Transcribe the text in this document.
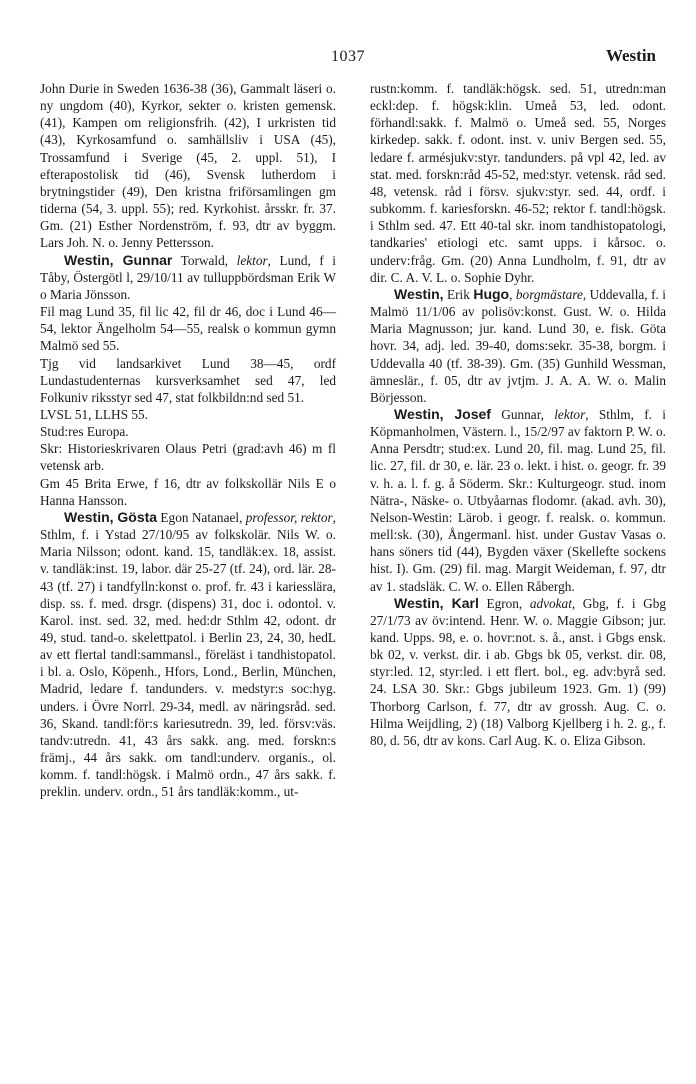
1037	Westin

John Durie in Sweden 1636-38 (36), Gammalt läseri o. ny ungdom (40), Kyrkor, sekter o. kristen gemensk. (41), Kampen om religionsfrih. (42), I urkristen tid (43), Kyrkosamfund o. samhällsliv i USA (45), Trossamfund i Sverige (45, 2. uppl. 51), I efterapostolisk tid (46), Svensk lutherdom i brytningstider (49), Den kristna friförsamlingen gm tiderna (54, 3. uppl. 55); red. Kyrkohist. årsskr. fr. 37. Gm. (21) Esther Nordenström, f. 93, dtr av byggm. Lars Joh. N. o. Jenny Pettersson.

Westin, Gunnar Torwald, lektor, Lund, f i Tåby, Östergötl l, 29/10/11 av tulluppbördsman Erik W o Maria Jönsson.

Fil mag Lund 35, fil lic 42, fil dr 46, doc i Lund 46—54, lektor Ängelholm 54—55, realsk o kommun gymn Malmö sed 55.

Tjg vid landsarkivet Lund 38—45, ordf Lundastudenternas kursverksamhet sed 47, led Folkuniv riksstyr sed 47, stat folkbildn:nd sed 51.

LVSL 51, LLHS 55.

Stud:res Europa.

Skr: Historieskrivaren Olaus Petri (grad:avh 46) m fl vetensk arb.

Gm 45 Brita Erwe, f 16, dtr av folkskollär Nils E o Hanna Hansson.

Westin, Gösta Egon Natanael, professor, rektor, Sthlm, f. i Ystad 27/10/95 av folkskolär. Nils W. o. Maria Nilsson; odont. kand. 15, tandläk:ex. 18, assist. v. tandläk:inst. 19, labor. där 25-27 (tf. 24), ord. lär. 28-43 (tf. 27) i tandfylln:konst o. prof. fr. 43 i kariesslära, disp. ss. f. med. drsgr. (dispens) 31, doc i. odontol. v. Karol. inst. sed. 32, med. hed:dr Sthlm 42, odont. dr 49, stud. tand-o. skelettpatol. i Berlin 23, 24, 30, hedL av ett flertal tandl:sammansl., föreläst i tandhistopatol. i bl. a. Oslo, Köpenh., Hfors, Lond., Berlin, München, Madrid, ledare f. tandunders. v. medstyr:s soc:hyg. unders. i Övre Norrl. 29-34, medl. av näringsråd. sed. 36, Skand. tandl:för:s kariesutredn. 39, led. försv:väs. tandv:utredn. 41, 43 års sakk. ang. med. forskn:s främj., 44 års sakk. om tandl:underv. organis., ol. komm. f. tandl:högsk. i Malmö ordn., 47 års sakk. f. preklin. underv. ordn., 51 års tandläk:komm., ut-

rustn:komm. f. tandläk:högsk. sed. 51, utredn:man eckl:dep. f. högsk:klin. Umeå 53, led. odont. förhandl:sakk. f. Malmö o. Umeå sed. 55, Norges kirkedep. sakk. f. odont. inst. v. univ Bergen sed. 55, ledare f. armésjukv:styr. tandunders. på vpl 42, led. av stat. med. forskn:råd 45-52, med:styr. vetensk. råd sed. 48, vetensk. råd i försv. sjukv:styr. sed. 44, ordf. i subkomm. f. kariesforskn. 46-52; rektor f. tandl:högsk. i Sthlm sed. 47. Ett 40-tal skr. inom tandhistopatologi, tandkaries' etiologi etc. samt upps. i kårsoc. o. underv:fråg. Gm. (20) Anna Lundholm, f. 91, dtr av dir. C. A. V. L. o. Sophie Dyhr.

Westin, Erik Hugo, borgmästare, Uddevalla, f. i Malmö 11/1/06 av polisöv:konst. Gust. W. o. Hilda Maria Magnusson; jur. kand. Lund 30, e. fisk. Göta hovr. 34, adj. led. 39-40, doms:sekr. 35-38, borgm. i Uddevalla 40 (tf. 38-39). Gm. (35) Gunhild Wessman, ämneslär., f. 05, dtr av jvtjm. J. A. A. W. o. Malin Börjesson.

Westin, Josef Gunnar, lektor, Sthlm, f. i Köpmanholmen, Västern. l., 15/2/97 av faktorn P. W. o. Anna Persdtr; stud:ex. Lund 20, fil. mag. Lund 25, fil. lic. 27, fil. dr 30, e. lär. 23 o. lekt. i hist. o. geogr. fr. 39 v. h. a. l. f. g. å Söderm. Skr.: Kulturgeogr. stud. inom Nätra-, Näske- o. Utbyåarnas flodomr. (akad. avh. 30), Nelson-Westin: Lärob. i geogr. f. realsk. o. kommun. mell:sk. (30), Ångermanl. hist. under Gustav Vasas o. hans söners tid (44), Bygden växer (Skellefte sockens hist. I). Gm. (29) fil. mag. Margit Weideman, f. 97, dtr av 1. stadsläk. C. W. o. Ellen Råbergh.

Westin, Karl Egron, advokat, Gbg, f. i Gbg 27/1/73 av öv:intend. Henr. W. o. Maggie Gibson; jur. kand. Upps. 98, e. o. hovr:not. s. å., anst. i Gbgs ensk. bk 02, v. verkst. dir. i ab. Gbgs bk 05, verkst. dir. 08, styr:led. 12, styr:led. i ett flert. bol., eg. adv:byrå sed. 24. LSA 30. Skr.: Gbgs jubileum 1923. Gm. 1) (99) Thorborg Carlson, f. 77, dtr av grossh. Aug. C. o. Hilma Weijdling, 2) (18) Valborg Kjellberg i h. 2. g., f. 80, d. 56, dtr av kons. Carl Aug. K. o. Eliza Gibson.
